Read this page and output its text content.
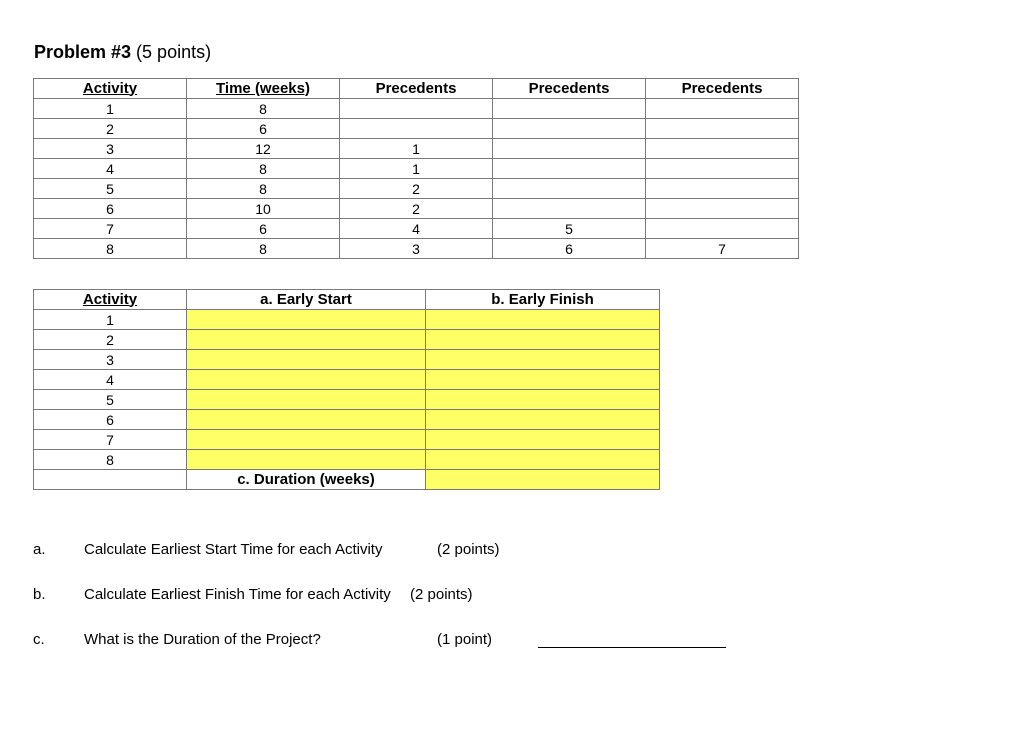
Problem #3 (5 points)
Activity	Time (weeks)	Precedents	Precedents	Precedents
1	8			
2	6			
3	12	1		
4	8	1		
5	8	2		
6	10	2		
7	6	4	5	
8	8	3	6	7
Activity	a. Early Start	b. Early Finish
1		
2		
3		
4		
5		
6		
7		
8		
	c. Duration (weeks)	
a.	Calculate Earliest Start Time for each Activity	(2 points)
b.	Calculate Earliest Finish Time for each Activity (2 points)
c.	What is the Duration of the Project?	(1 point)
